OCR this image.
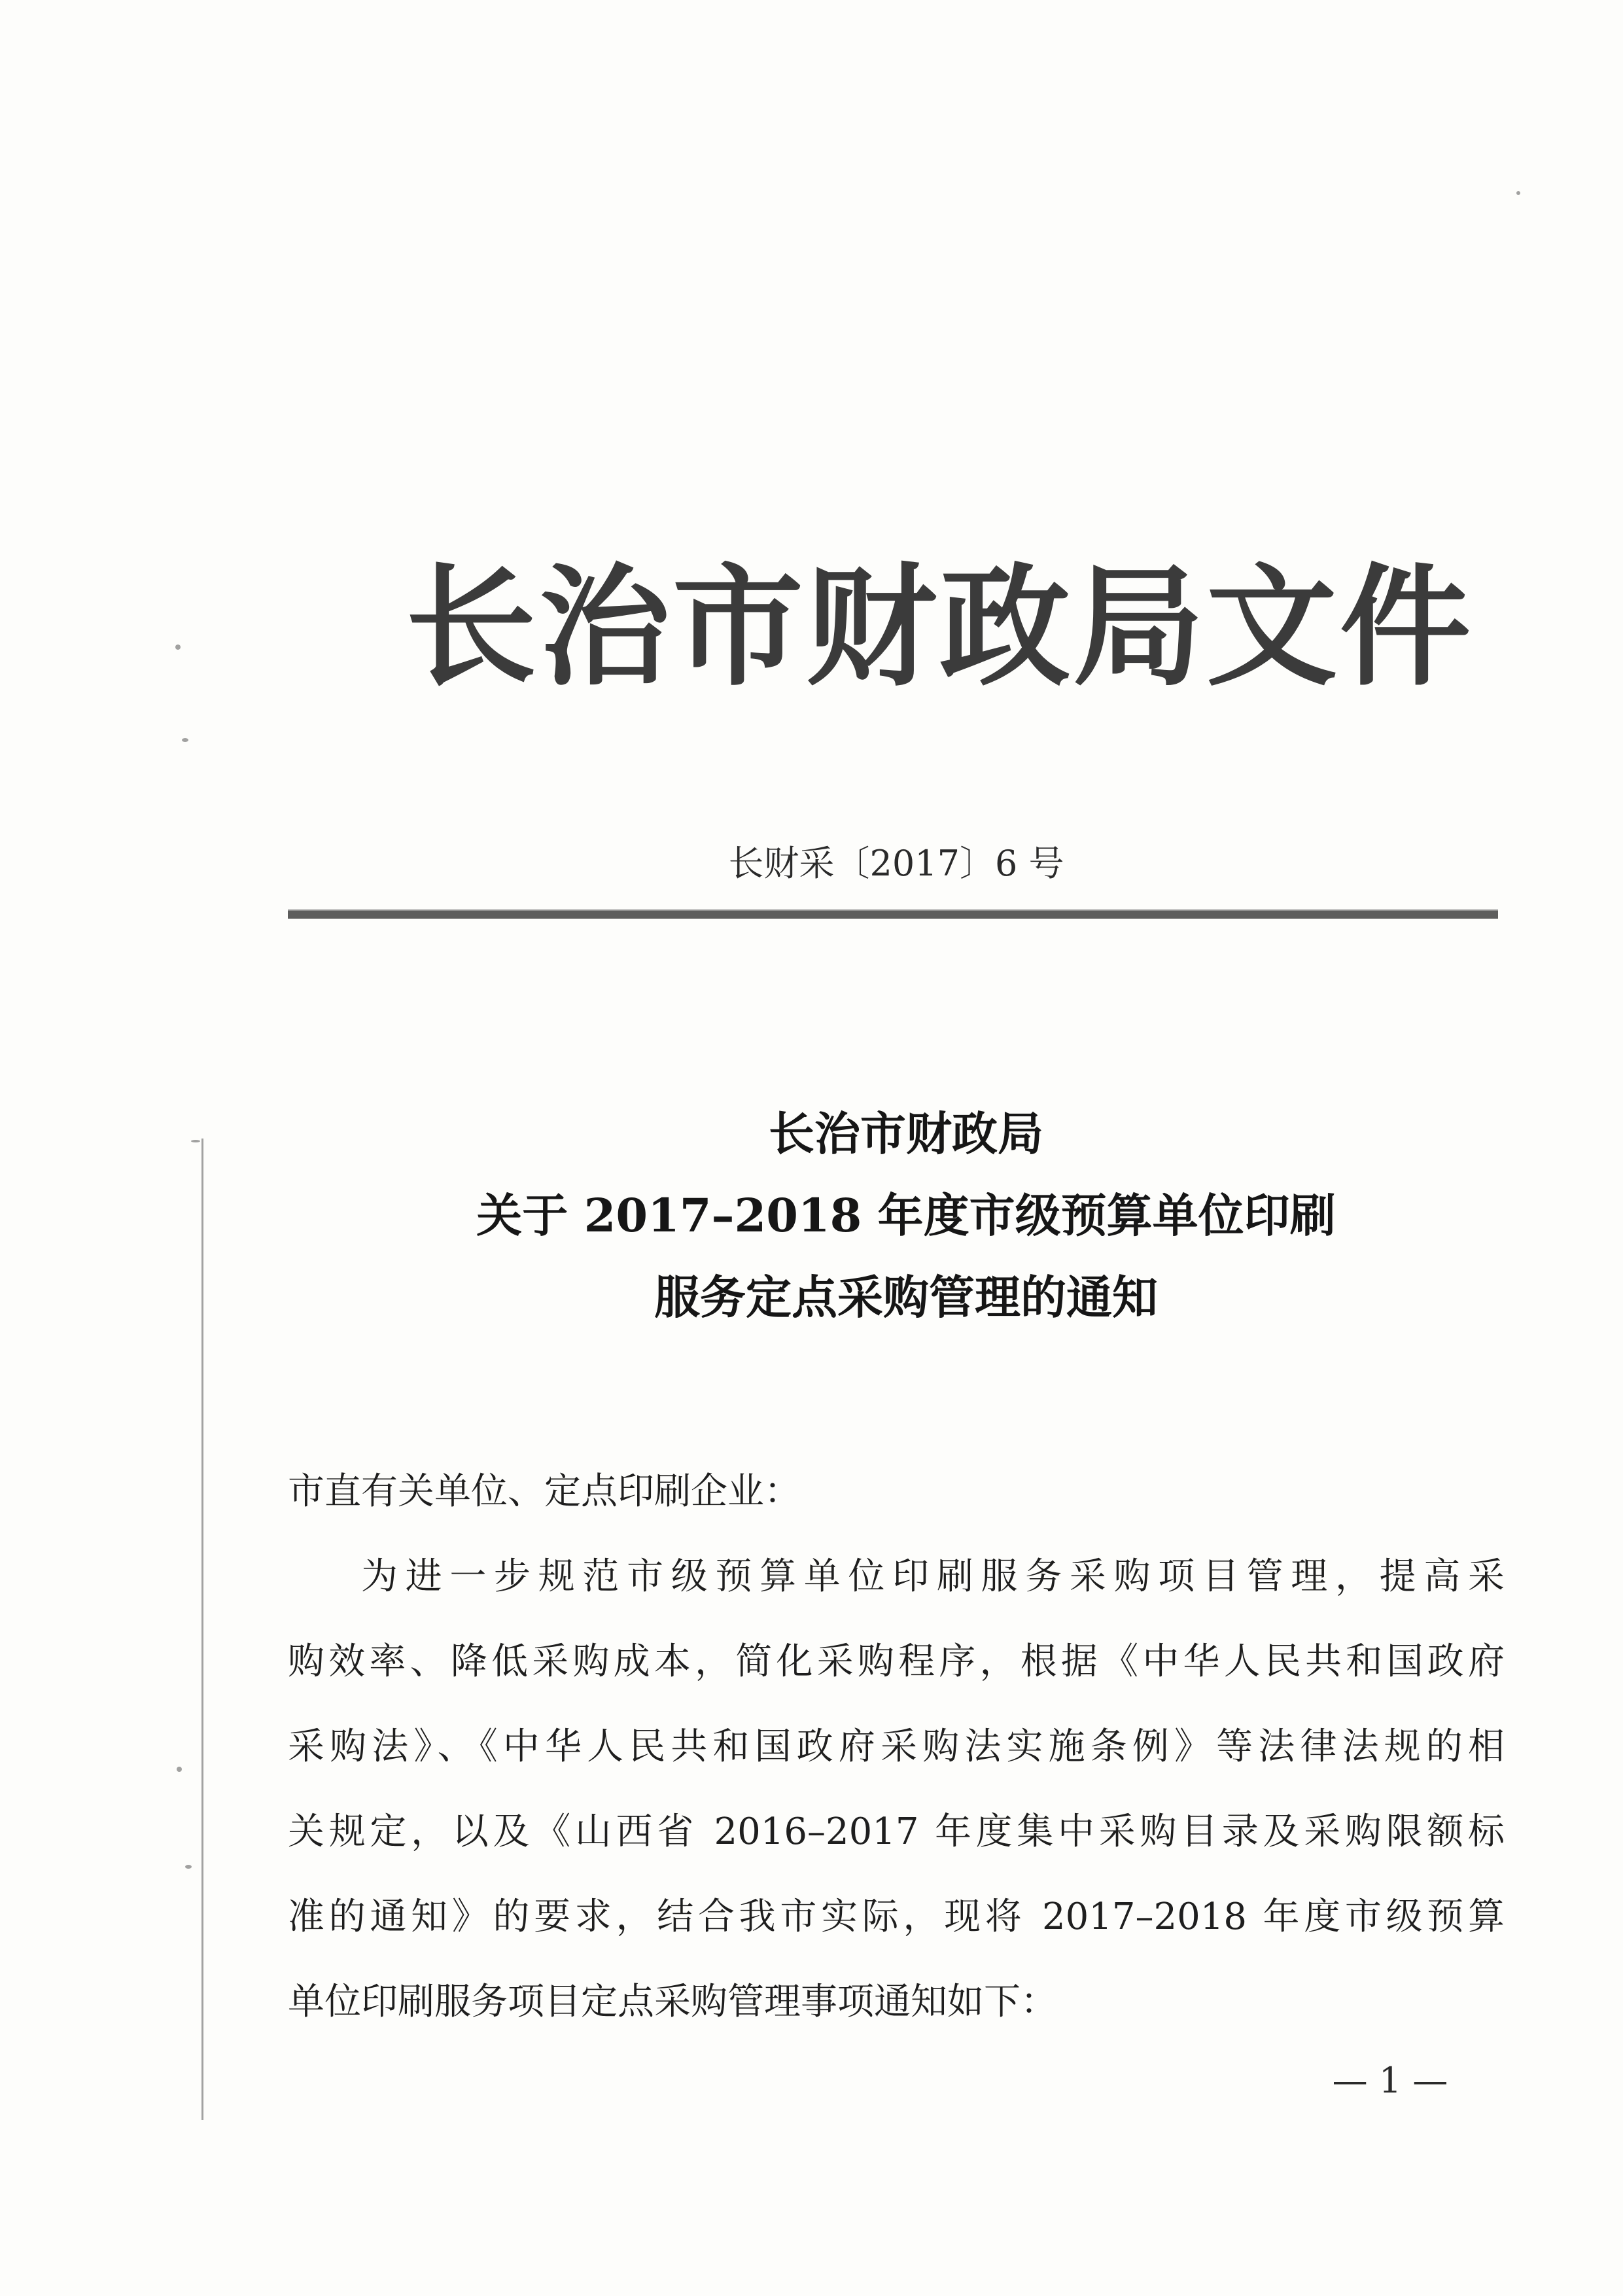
长治市财政局文件
长财采〔2017〕6 号
长治市财政局
关于 2017–2018 年度市级预算单位印刷
服务定点采购管理的通知
市直有关单位、定点印刷企业：
为进一步规范市级预算单位印刷服务采购项目管理，提高采
购效率、降低采购成本，简化采购程序，根据《中华人民共和国政府
采购法》、《中华人民共和国政府采购法实施条例》等法律法规的相
关规定，以及《山西省 2016–2017 年度集中采购目录及采购限额标
准的通知》的要求，结合我市实际，现将 2017–2018 年度市级预算
单位印刷服务项目定点采购管理事项通知如下：
— 1 —
